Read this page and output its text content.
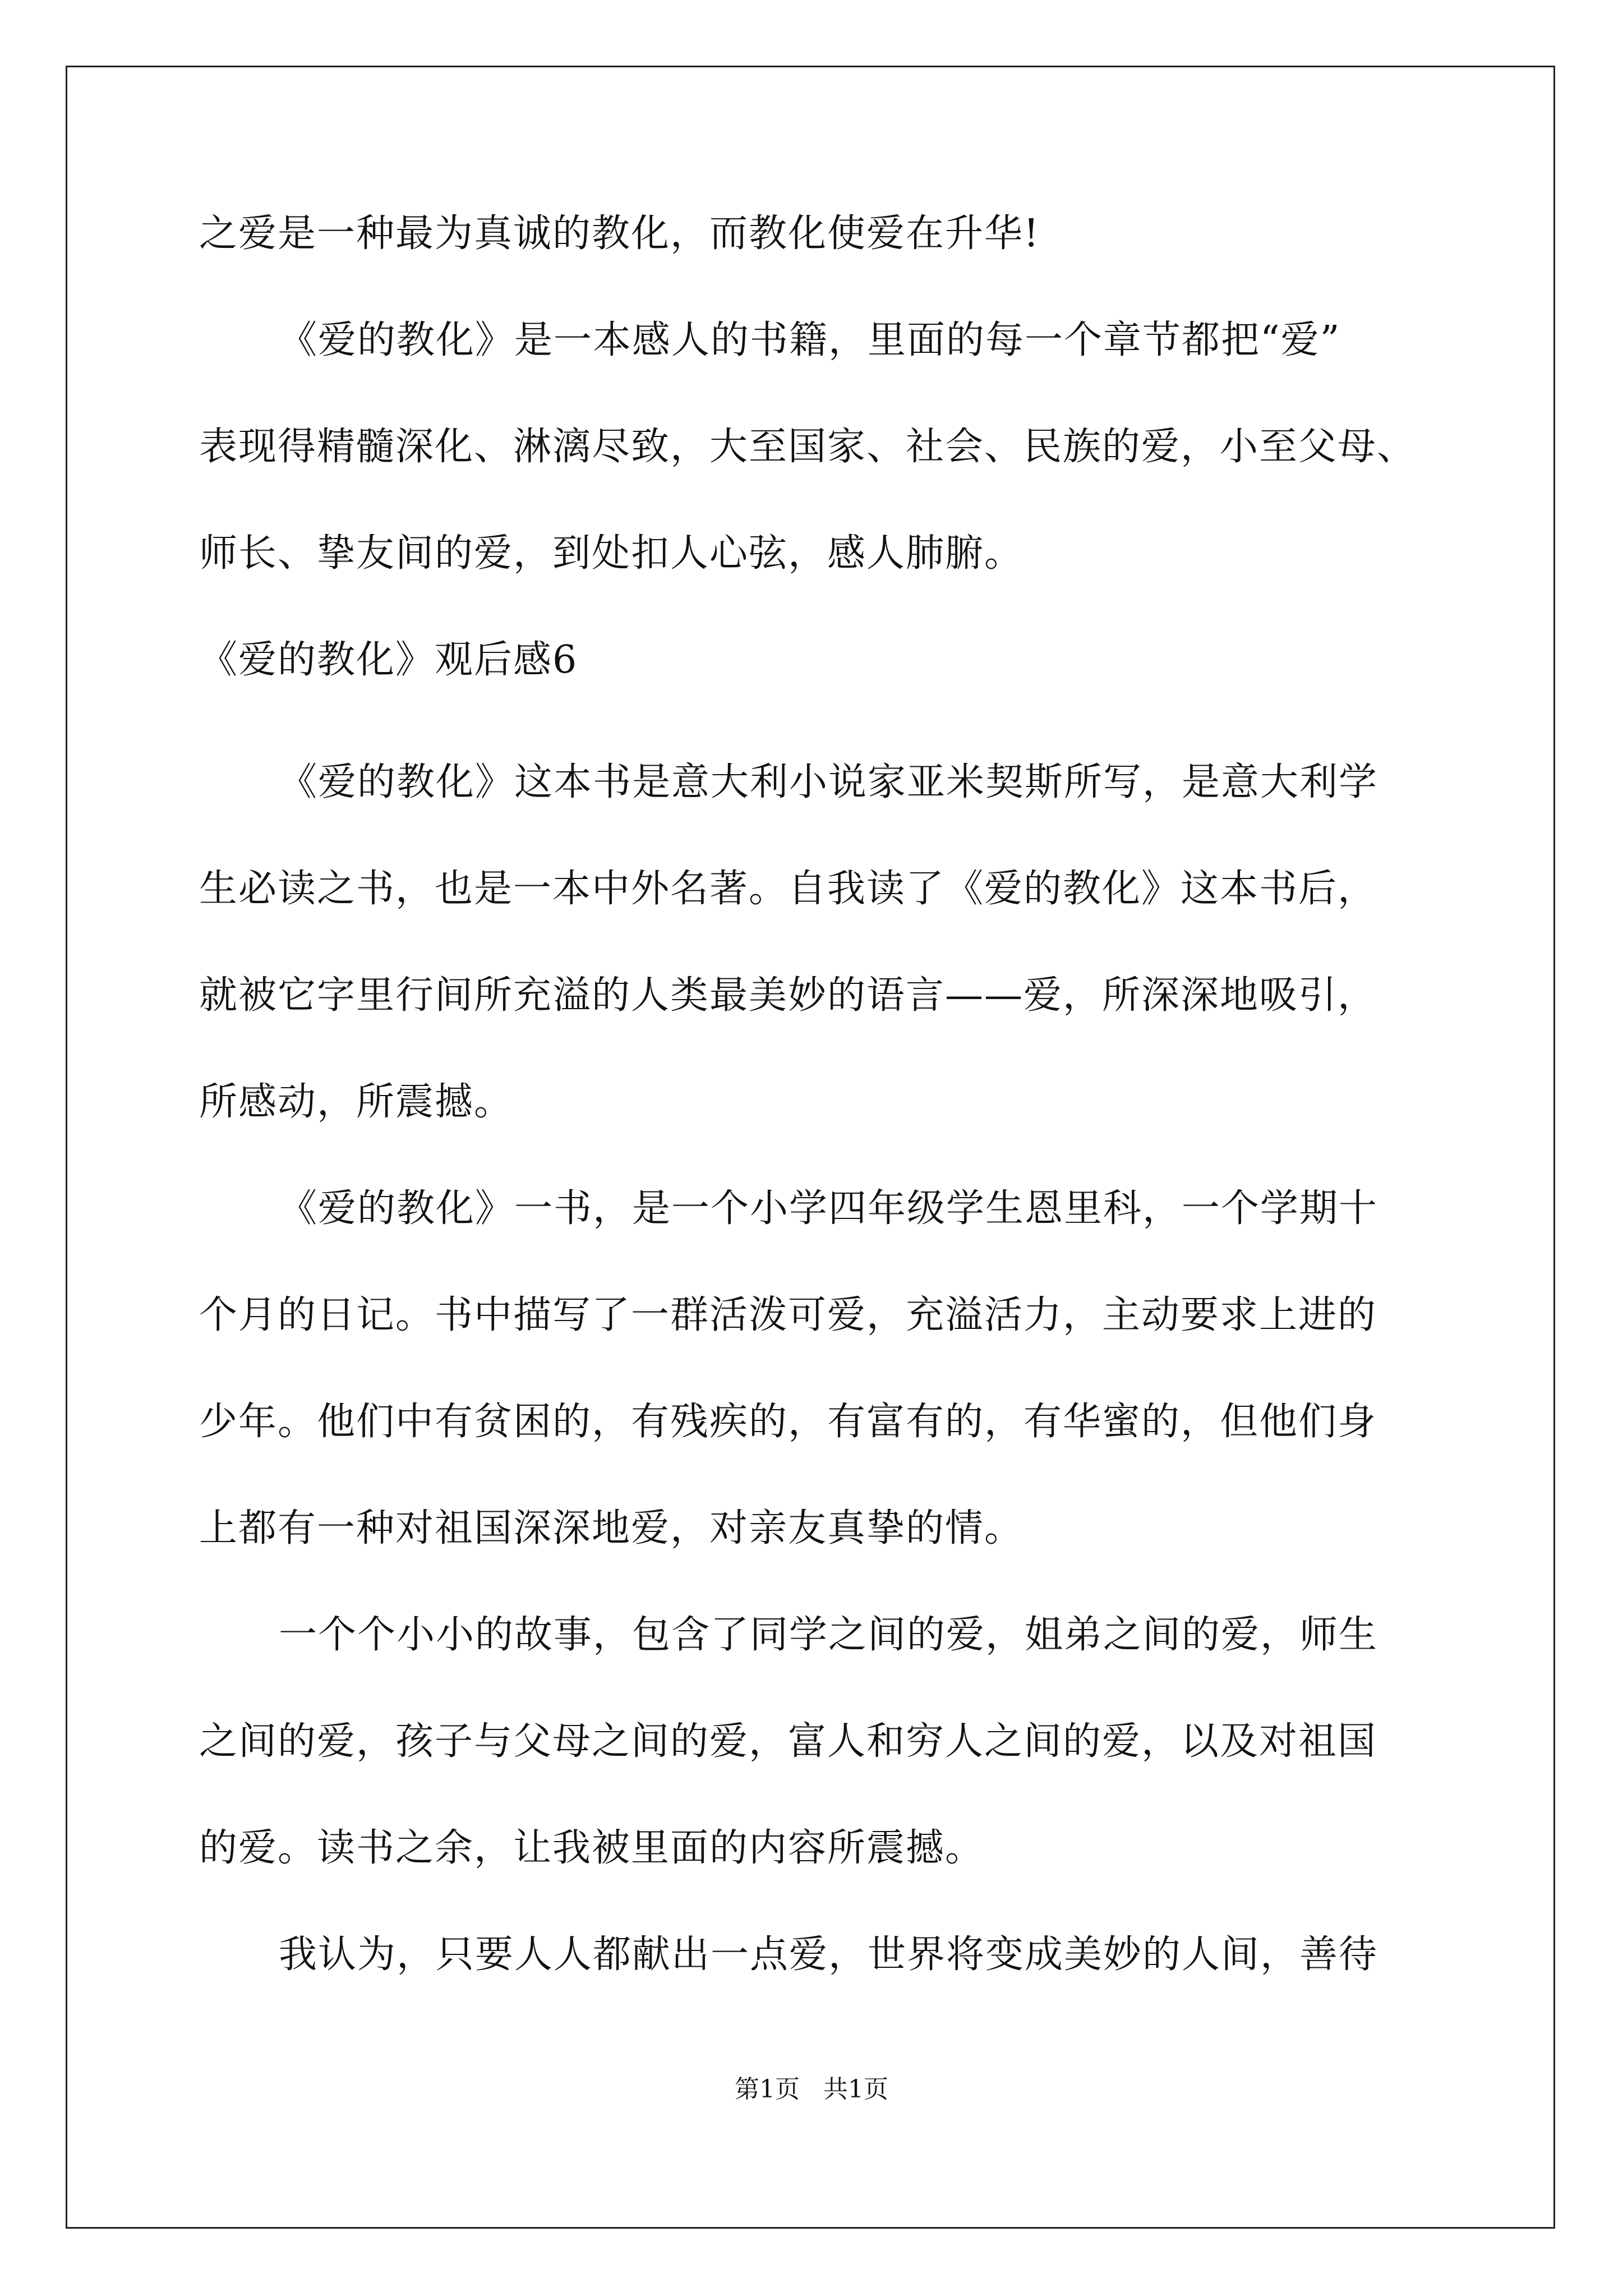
之爱是一种最为真诚的教化，而教化使爱在升华!
《爱的教化》是一本感人的书籍，里面的每一个章节都把“爱”
表现得精髓深化、淋漓尽致，大至国家、社会、民族的爱，小至父母、
师长、挚友间的爱，到处扣人心弦，感人肺腑。
《爱的教化》观后感6
《爱的教化》这本书是意大利小说家亚米契斯所写，是意大利学
生必读之书，也是一本中外名著。自我读了《爱的教化》这本书后，
就被它字里行间所充溢的人类最美妙的语言——爱，所深深地吸引，
所感动，所震撼。
《爱的教化》一书，是一个小学四年级学生恩里科，一个学期十
个月的日记。书中描写了一群活泼可爱，充溢活力，主动要求上进的
少年。他们中有贫困的，有残疾的，有富有的，有华蜜的，但他们身
上都有一种对祖国深深地爱，对亲友真挚的情。
一个个小小的故事，包含了同学之间的爱，姐弟之间的爱，师生
之间的爱，孩子与父母之间的爱，富人和穷人之间的爱，以及对祖国
的爱。读书之余，让我被里面的内容所震撼。
我认为，只要人人都献出一点爱，世界将变成美妙的人间，善待
第1页   共1页
